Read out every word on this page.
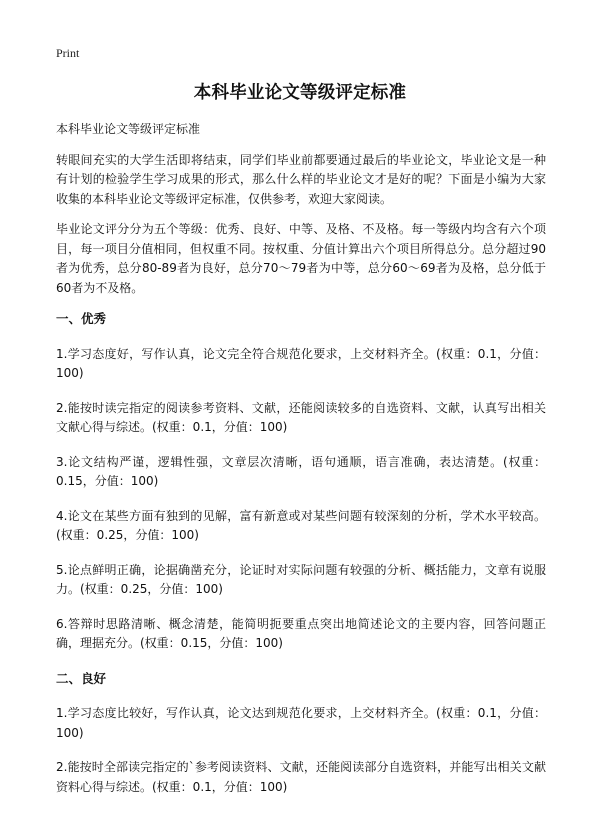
Print
本科毕业论文等级评定标准

本科毕业论文等级评定标准

转眼间充实的大学生活即将结束，同学们毕业前都要通过最后的毕业论文，毕业论文是一种有计划的检验学生学习成果的形式，那么什么样的毕业论文才是好的呢？下面是小编为大家收集的本科毕业论文等级评定标准，仅供参考，欢迎大家阅读。

毕业论文评分分为五个等级：优秀、良好、中等、及格、不及格。每一等级内均含有六个项目，每一项目分值相同，但权重不同。按权重、分值计算出六个项目所得总分。总分超过90者为优秀，总分80-89者为良好，总分70～79者为中等，总分60～69者为及格，总分低于60者为不及格。

一、优秀

1.学习态度好，写作认真，论文完全符合规范化要求，上交材料齐全。(权重：0.1，分值：100)

2.能按时读完指定的阅读参考资料、文献，还能阅读较多的自选资料、文献，认真写出相关文献心得与综述。(权重：0.1，分值：100)

3.论文结构严谨，逻辑性强，文章层次清晰，语句通顺，语言准确，表达清楚。(权重：0.15，分值：100)

4.论文在某些方面有独到的见解，富有新意或对某些问题有较深刻的分析，学术水平较高。(权重：0.25，分值：100)

5.论点鲜明正确，论据确凿充分，论证时对实际问题有较强的分析、概括能力，文章有说服力。(权重：0.25，分值：100)

6.答辩时思路清晰、概念清楚，能简明扼要重点突出地简述论文的主要内容，回答问题正确，理据充分。(权重：0.15，分值：100)

二、良好

1.学习态度比较好，写作认真，论文达到规范化要求，上交材料齐全。(权重：0.1，分值：100)

2.能按时全部读完指定的`参考阅读资料、文献，还能阅读部分自选资料，并能写出相关文献资料心得与综述。(权重：0.1，分值：100)
